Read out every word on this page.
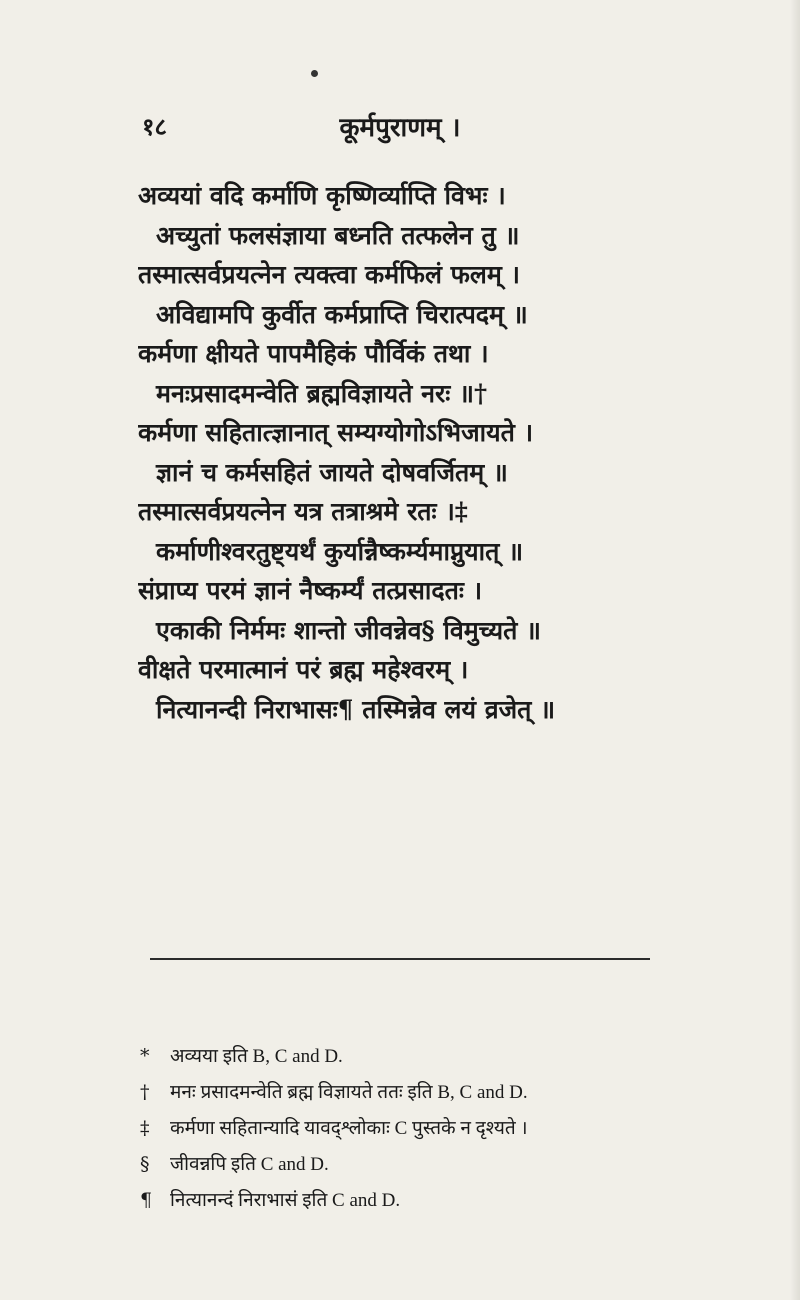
१८	कूर्मपुराणम् ।
अव्ययां वदि कर्माणि कृष्णिर्व्याप्ति विभः ।
अच्युतां फलसंज्ञाया बध्नति तत्फलेन तु ॥
तस्मात्सर्वप्रयत्नेन त्यक्त्वा कर्मफिलं फलम् ।
अविद्यामपि कुर्वीत कर्मप्राप्ति चिरात्पदम् ॥
कर्मणा क्षीयते पापमैहिकं पौर्विकं तथा ।
मनःप्रसादमन्वेति ब्रह्मविज्ञायते नरः ॥†
कर्मणा सहितात्ज्ञानात् सम्यग्योगोऽभिजायते ।
ज्ञानं च कर्मसहितं जायते दोषवर्जितम् ॥
तस्मात्सर्वप्रयत्नेन यत्र तत्राश्रमे रतः ।‡
कर्माणीश्वरतुष्ट्यर्थं कुर्यान्नैष्कर्म्यमाप्नुयात् ॥
संप्राप्य परमं ज्ञानं नैष्कर्म्यं तत्प्रसादतः ।
एकाकी निर्ममः शान्तो जीवन्नेव§ विमुच्यते ॥
वीक्षते परमात्मानं परं ब्रह्म महेश्वरम् ।
नित्यानन्दी निराभासः¶ तस्मिन्नेव लयं व्रजेत् ॥
* अव्यया इति B, C and D.
† मनः प्रसादमन्वेति ब्रह्म विज्ञायते ततः इति B, C and D.
‡ कर्मणा सहितान्यादि यावद्श्लोकाः C पुस्तके न दृश्यते ।
§ जीवन्नपि इति C and D.
¶ नित्यानन्दं निराभासं इति C and D.
